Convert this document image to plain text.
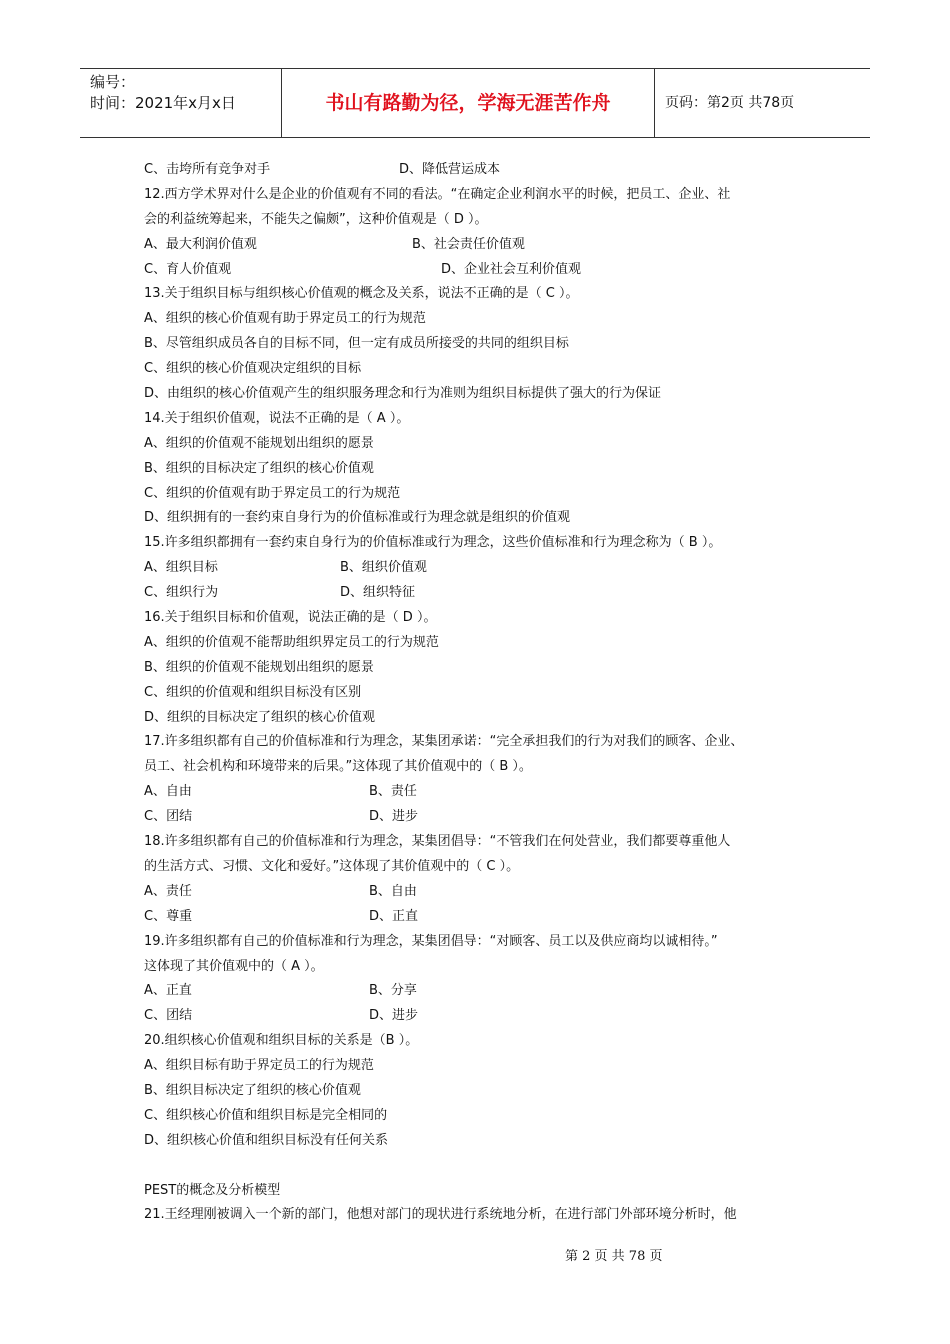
编号：
时间：2021年x月x日	书山有路勤为径，学海无涯苦作舟	页码：第2页 共78页
C、击垮所有竞争对手	D、降低营运成本
12.西方学术界对什么是企业的价值观有不同的看法。“在确定企业利润水平的时候，把员工、企业、社
会的利益统筹起来，不能失之偏颇”，这种价值观是（ D ）。
A、最大利润价值观	B、社会责任价值观
C、育人价值观	D、企业社会互利价值观
13.关于组织目标与组织核心价值观的概念及关系，说法不正确的是（ C ）。
A、组织的核心价值观有助于界定员工的行为规范
B、尽管组织成员各自的目标不同，但一定有成员所接受的共同的组织目标
C、组织的核心价值观决定组织的目标
D、由组织的核心价值观产生的组织服务理念和行为准则为组织目标提供了强大的行为保证
14.关于组织价值观，说法不正确的是（ A ）。
A、组织的价值观不能规划出组织的愿景
B、组织的目标决定了组织的核心价值观
C、组织的价值观有助于界定员工的行为规范
D、组织拥有的一套约束自身行为的价值标准或行为理念就是组织的价值观
15.许多组织都拥有一套约束自身行为的价值标准或行为理念，这些价值标准和行为理念称为（ B ）。
A、组织目标	B、组织价值观
C、组织行为	D、组织特征
16.关于组织目标和价值观，说法正确的是（ D ）。
A、组织的价值观不能帮助组织界定员工的行为规范
B、组织的价值观不能规划出组织的愿景
C、组织的价值观和组织目标没有区别
D、组织的目标决定了组织的核心价值观
17.许多组织都有自己的价值标准和行为理念，某集团承诺：“完全承担我们的行为对我们的顾客、企业、
员工、社会机构和环境带来的后果。”这体现了其价值观中的（ B ）。
A、自由	B、责任
C、团结	D、进步
18.许多组织都有自己的价值标准和行为理念，某集团倡导：“不管我们在何处营业，我们都要尊重他人
的生活方式、习惯、文化和爱好。”这体现了其价值观中的（ C ）。
A、责任	B、自由
C、尊重	D、正直
19.许多组织都有自己的价值标准和行为理念，某集团倡导：“对顾客、员工以及供应商均以诚相待。”
这体现了其价值观中的（ A ）。
A、正直	B、分享
C、团结	D、进步
20.组织核心价值观和组织目标的关系是（B ）。
A、组织目标有助于界定员工的行为规范
B、组织目标决定了组织的核心价值观
C、组织核心价值和组织目标是完全相同的
D、组织核心价值和组织目标没有任何关系
PEST的概念及分析模型
21.王经理刚被调入一个新的部门，他想对部门的现状进行系统地分析，在进行部门外部环境分析时，他
第 2 页 共 78 页
